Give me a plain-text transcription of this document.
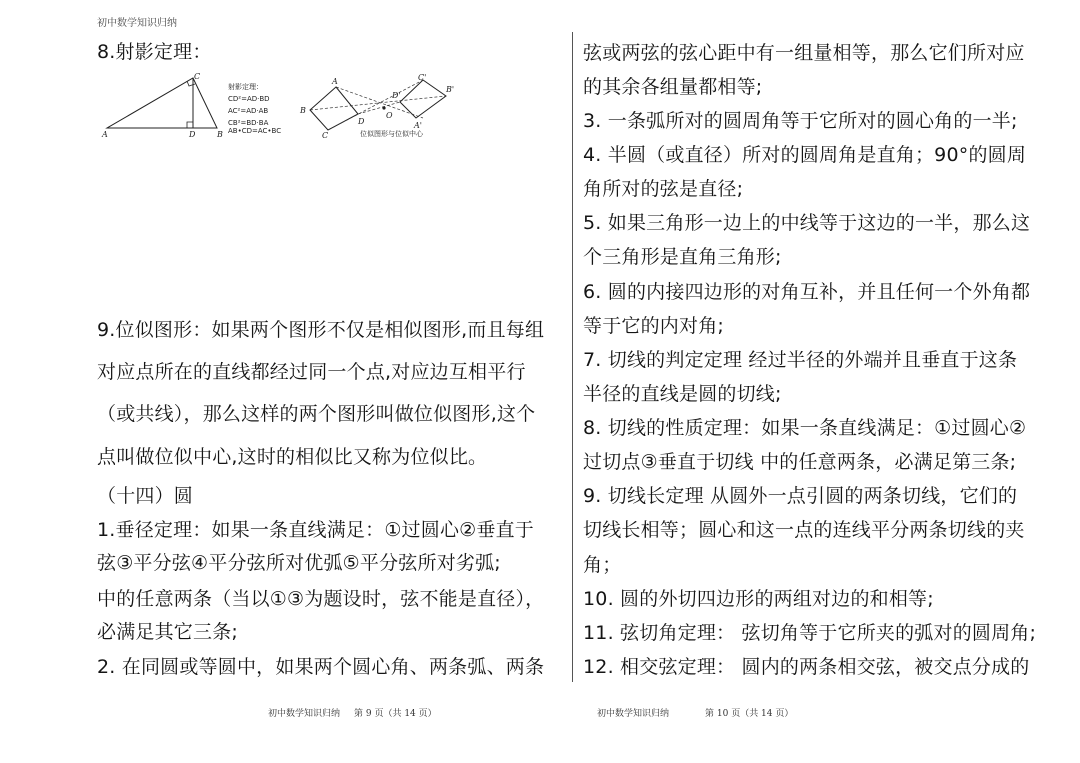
初中数学知识归纳
8.射影定理：
A	D	B
C
射影定理：
CD²=AD·BD
AC²=AD·AB
CB²=BD·BA
AB•CD=AC•BC
A
B
C
D
O
A'
B'
C'
D'
位似图形与位似中心
9.位似图形：如果两个图形不仅是相似图形,而且每组
对应点所在的直线都经过同一个点,对应边互相平行
（或共线），那么这样的两个图形叫做位似图形,这个
点叫做位似中心,这时的相似比又称为位似比。
（十四）圆
1.垂径定理：如果一条直线满足：①过圆心②垂直于
弦③平分弦④平分弦所对优弧⑤平分弦所对劣弧;
中的任意两条（当以①③为题设时，弦不能是直径），
必满足其它三条;
2. 在同圆或等圆中，如果两个圆心角、两条弧、两条
弦或两弦的弦心距中有一组量相等，那么它们所对应
的其余各组量都相等;
3. 一条弧所对的圆周角等于它所对的圆心角的一半;
4. 半圆（或直径）所对的圆周角是直角；90°的圆周
角所对的弦是直径;
5. 如果三角形一边上的中线等于这边的一半，那么这
个三角形是直角三角形;
6. 圆的内接四边形的对角互补，并且任何一个外角都
等于它的内对角;
7. 切线的判定定理 经过半径的外端并且垂直于这条
半径的直线是圆的切线;
8. 切线的性质定理：如果一条直线满足：①过圆心②
过切点③垂直于切线 中的任意两条，必满足第三条;
9. 切线长定理 从圆外一点引圆的两条切线，它们的
切线长相等；圆心和这一点的连线平分两条切线的夹
角；
10. 圆的外切四边形的两组对边的和相等;
11. 弦切角定理： 弦切角等于它所夹的弧对的圆周角;
12. 相交弦定理： 圆内的两条相交弦，被交点分成的
初中数学知识归纳 第 9 页（共 14 页）	初中数学知识归纳	第 10 页（共 14 页）
